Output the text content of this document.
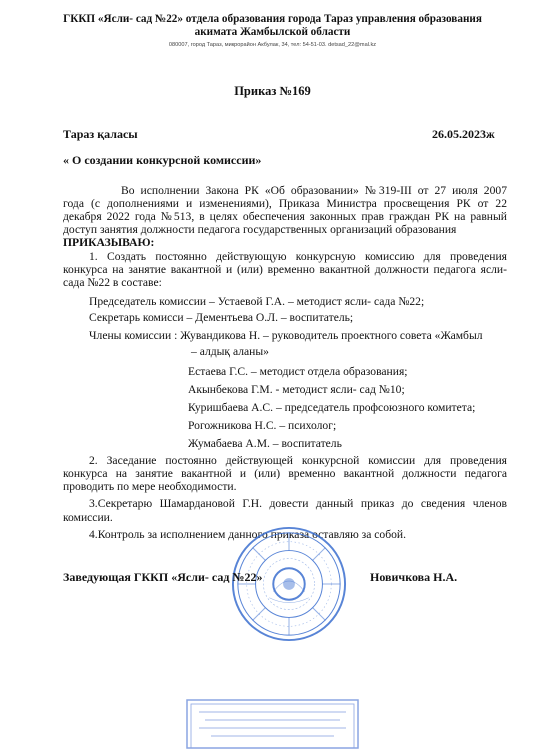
ГККП «Ясли- сад №22» отдела образования города Тараз управления образования
акимата Жамбылской области
080007, город Тараз, микрорайон Акбулак, 34, тел: 54-51-03. detsad_22@mal.kz
Приказ №169
Тараз қаласы	26.05.2023ж
« О создании конкурсной комиссии»
Во исполнении Закона РК «Об образовании» №319-III от 27 июля 2007
года (с дополнениями и изменениями), Приказа Министра просвещения РК от 22
декабря 2022 года №513, в целях обеспечения законных прав граждан РК на равный
доступ занятия должности педагога государственных организаций образования
ПРИКАЗЫВАЮ:
1. Создать постоянно действующую конкурсную комиссию для проведения
конкурса на занятие вакантной и (или) временно вакантной должности педагога ясли-
сада №22 в составе:
Председатель комиссии – Устаевой Г.А. – методист ясли- сада №22;
Секретарь комисси – Дементьева О.Л. – воспитатель;
Члены комиссии : Жувандикова Н. – руководитель проектного совета «Жамбыл
– алдық аланы»
Естаева Г.С. – методист отдела образования;
Акынбекова Г.М. - методист ясли- сад №10;
Куришбаева А.С. – председатель профсоюзного комитета;
Рогожникова Н.С. – психолог;
Жумабаева А.М. – воспитатель
2. Заседание постоянно действующей конкурсной комиссии для проведения
конкурса на занятие вакантной и (или) временно вакантной должности педагога
проводить по мере необходимости.
3.Секретарю Шамардановой Г.Н. довести данный приказ до сведения членов
комиссии.
4.Контроль за исполнением данного приказа оставляю за собой.
Заведующая ГККП «Ясли- сад №22»	Новичкова Н.А.
